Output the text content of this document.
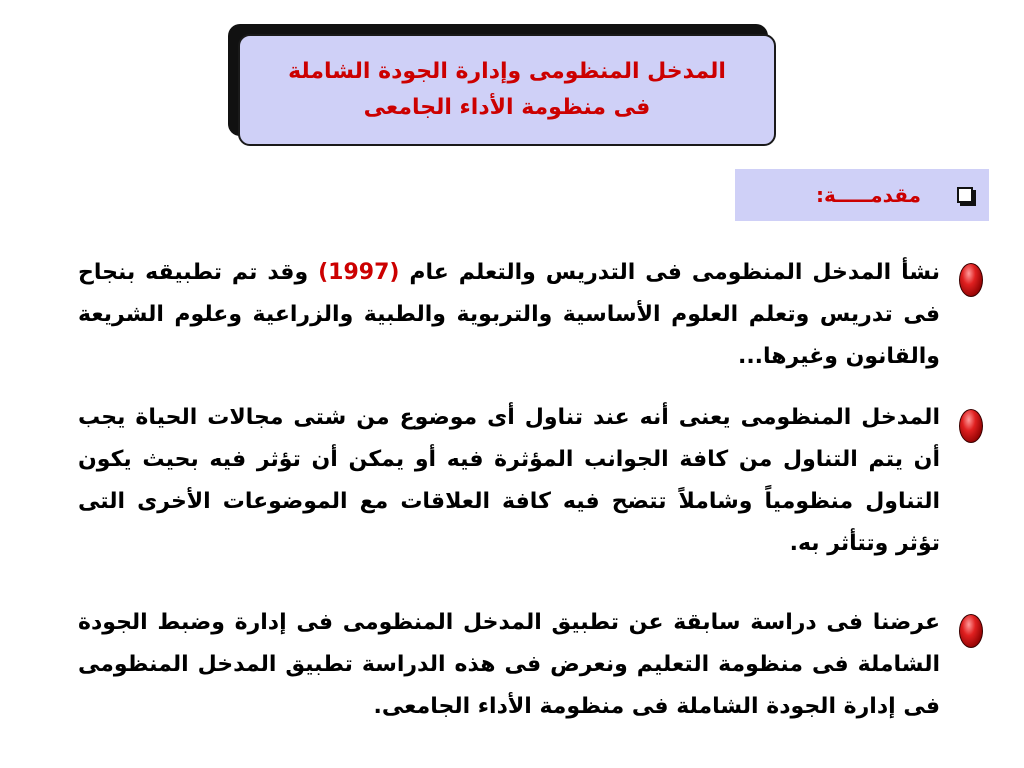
المدخل المنظومى وإدارة الجودة الشاملة
فى منظومة الأداء الجامعى
مقدمـــــة:
نشأ المدخل المنظومى فى التدريس والتعلم عام (1997) وقد تم تطبيقه بنجاح فى تدريس وتعلم العلوم الأساسية والتربوية والطبية والزراعية وعلوم الشريعة والقانون وغيرها...
المدخل المنظومى يعنى أنه عند تناول أى موضوع من شتى مجالات الحياة يجب أن يتم التناول من كافة الجوانب المؤثرة فيه أو يمكن أن تؤثر فيه بحيث يكون التناول منظومياً وشاملاً تتضح فيه كافة العلاقات مع الموضوعات الأخرى التى تؤثر وتتأثر به.
عرضنا فى دراسة سابقة عن تطبيق المدخل المنظومى فى إدارة وضبط الجودة الشاملة فى منظومة التعليم ونعرض فى هذه الدراسة تطبيق المدخل المنظومى فى إدارة الجودة الشاملة فى منظومة الأداء الجامعى.
